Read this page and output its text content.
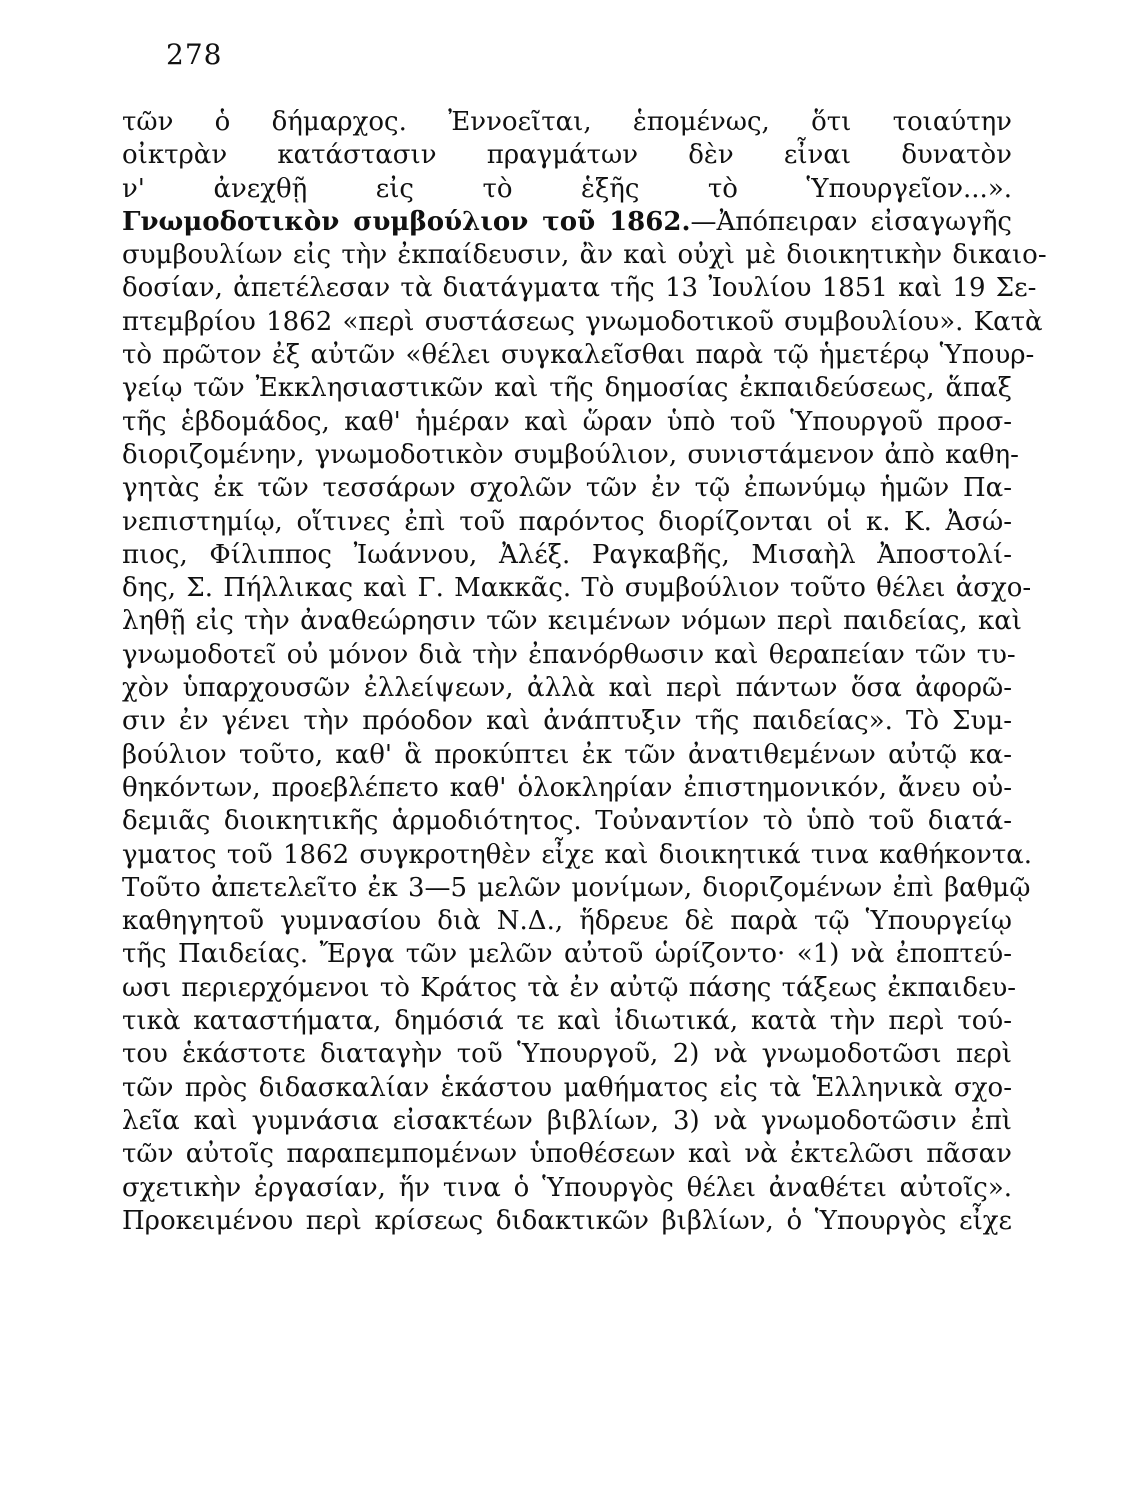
278

τῶν ὁ δήμαρχος. Ἐννοεῖται, ἑπομένως, ὅτι τοιαύτην
οἰκτρὰν κατάστασιν πραγμάτων δὲν εἶναι δυνατὸν
ν' ἀνεχθῇ εἰς τὸ ἑξῆς τὸ Ὑπουργεῖον...».
Γνωμοδοτικὸν συμβούλιον τοῦ 1862.—Ἀπόπειραν εἰσαγωγῆς
συμβουλίων εἰς τὴν ἐκπαίδευσιν, ἂν καὶ οὐχὶ μὲ διοικητικὴν δικαιο-
δοσίαν, ἀπετέλεσαν τὰ διατάγματα τῆς 13 Ἰουλίου 1851 καὶ 19 Σε-
πτεμβρίου 1862 «περὶ συστάσεως γνωμοδοτικοῦ συμβουλίου». Κατὰ
τὸ πρῶτον ἐξ αὐτῶν «θέλει συγκαλεῖσθαι παρὰ τῷ ἡμετέρῳ Ὑπουρ-
γείῳ τῶν Ἐκκλησιαστικῶν καὶ τῆς δημοσίας ἐκπαιδεύσεως, ἅπαξ
τῆς ἑβδομάδος, καθ' ἡμέραν καὶ ὥραν ὑπὸ τοῦ Ὑπουργοῦ προσ-
διοριζομένην, γνωμοδοτικὸν συμβούλιον, συνιστάμενον ἀπὸ καθη-
γητὰς ἐκ τῶν τεσσάρων σχολῶν τῶν ἐν τῷ ἐπωνύμῳ ἡμῶν Πα-
νεπιστημίῳ, οἵτινες ἐπὶ τοῦ παρόντος διορίζονται οἱ κ. Κ. Ἀσώ-
πιος, Φίλιππος Ἰωάννου, Ἀλέξ. Ραγκαβῆς, Μισαὴλ Ἀποστολί-
δης, Σ. Πήλλικας καὶ Γ. Μακκᾶς. Τὸ συμβούλιον τοῦτο θέλει ἀσχο-
ληθῇ εἰς τὴν ἀναθεώρησιν τῶν κειμένων νόμων περὶ παιδείας, καὶ
γνωμοδοτεῖ οὐ μόνον διὰ τὴν ἐπανόρθωσιν καὶ θεραπείαν τῶν τυ-
χὸν ὑπαρχουσῶν ἐλλείψεων, ἀλλὰ καὶ περὶ πάντων ὅσα ἀφορῶ-
σιν ἐν γένει τὴν πρόοδον καὶ ἀνάπτυξιν τῆς παιδείας». Τὸ Συμ-
βούλιον τοῦτο, καθ' ἃ προκύπτει ἐκ τῶν ἀνατιθεμένων αὐτῷ κα-
θηκόντων, προεβλέπετο καθ' ὁλοκληρίαν ἐπιστημονικόν, ἄνευ οὐ-
δεμιᾶς διοικητικῆς ἁρμοδιότητος. Τοὐναντίον τὸ ὑπὸ τοῦ διατά-
γματος τοῦ 1862 συγκροτηθὲν εἶχε καὶ διοικητικά τινα καθήκοντα.
Τοῦτο ἀπετελεῖτο ἐκ 3—5 μελῶν μονίμων, διοριζομένων ἐπὶ βαθμῷ
καθηγητοῦ γυμνασίου διὰ Ν.Δ., ἥδρευε δὲ παρὰ τῷ Ὑπουργείῳ
τῆς Παιδείας. Ἔργα τῶν μελῶν αὐτοῦ ὡρίζοντο· «1) νὰ ἐποπτεύ-
ωσι περιερχόμενοι τὸ Κράτος τὰ ἐν αὐτῷ πάσης τάξεως ἐκπαιδευ-
τικὰ καταστήματα, δημόσιά τε καὶ ἰδιωτικά, κατὰ τὴν περὶ τού-
του ἑκάστοτε διαταγὴν τοῦ Ὑπουργοῦ, 2) νὰ γνωμοδοτῶσι περὶ
τῶν πρὸς διδασκαλίαν ἑκάστου μαθήματος εἰς τὰ Ἑλληνικὰ σχο-
λεῖα καὶ γυμνάσια εἰσακτέων βιβλίων, 3) νὰ γνωμοδοτῶσιν ἐπὶ
τῶν αὐτοῖς παραπεμπομένων ὑποθέσεων καὶ νὰ ἐκτελῶσι πᾶσαν
σχετικὴν ἐργασίαν, ἥν τινα ὁ Ὑπουργὸς θέλει ἀναθέτει αὐτοῖς».
Προκειμένου περὶ κρίσεως διδακτικῶν βιβλίων, ὁ Ὑπουργὸς εἶχε
